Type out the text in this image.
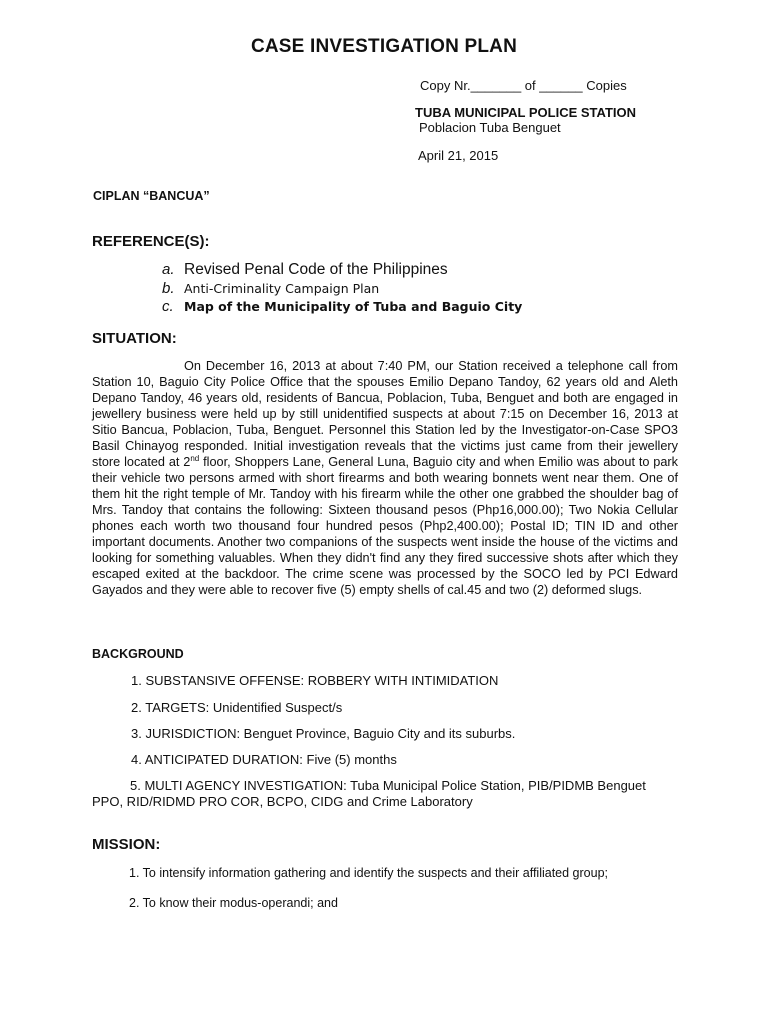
CASE INVESTIGATION PLAN
Copy Nr._______ of ______ Copies
TUBA MUNICIPAL POLICE STATION
Poblacion Tuba Benguet
April 21, 2015
CIPLAN “BANCUA”
REFERENCE(S):
a. Revised Penal Code of the Philippines
b. Anti-Criminality Campaign Plan
c. Map of the Municipality of Tuba and Baguio City
SITUATION:
On December 16, 2013 at about 7:40 PM, our Station received a telephone call from Station 10, Baguio City Police Office that the spouses Emilio Depano Tandoy, 62 years old and Aleth Depano Tandoy, 46 years old, residents of Bancua, Poblacion, Tuba, Benguet and both are engaged in jewellery business were held up by still unidentified suspects at about 7:15 on December 16, 2013 at Sitio Bancua, Poblacion, Tuba, Benguet. Personnel this Station led by the Investigator-on-Case SPO3 Basil Chinayog responded. Initial investigation reveals that the victims just came from their jewellery store located at 2nd floor, Shoppers Lane, General Luna, Baguio city and when Emilio was about to park their vehicle two persons armed with short firearms and both wearing bonnets went near them. One of them hit the right temple of Mr. Tandoy with his firearm while the other one grabbed the shoulder bag of Mrs. Tandoy that contains the following: Sixteen thousand pesos (Php16,000.00); Two Nokia Cellular phones each worth two thousand four hundred pesos (Php2,400.00); Postal ID; TIN ID and other important documents. Another two companions of the suspects went inside the house of the victims and looking for something valuables. When they didn't find any they fired successive shots after which they escaped exited at the backdoor. The crime scene was processed by the SOCO led by PCI Edward Gayados and they were able to recover five (5) empty shells of cal.45 and two (2) deformed slugs.
BACKGROUND
1. SUBSTANSIVE OFFENSE: ROBBERY WITH INTIMIDATION
2. TARGETS: Unidentified Suspect/s
3. JURISDICTION: Benguet Province, Baguio City and its suburbs.
4. ANTICIPATED DURATION: Five (5) months
5. MULTI AGENCY INVESTIGATION: Tuba Municipal Police Station, PIB/PIDMB Benguet PPO, RID/RIDMD PRO COR, BCPO, CIDG and Crime Laboratory
MISSION:
1. To intensify information gathering and identify the suspects and their affiliated group;
2. To know their modus-operandi; and
